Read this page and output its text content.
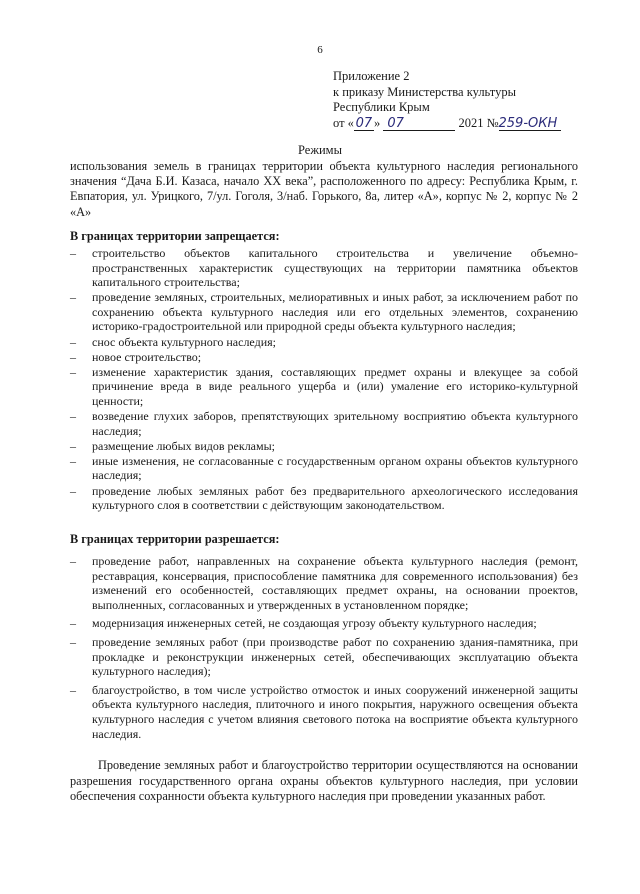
6
Приложение 2
к приказу Министерства культуры
Республики Крым
от « 07 » 07	2021 №259-ОКН
Режимы
использования земель в границах территории объекта культурного наследия регионального значения “Дача Б.И. Казаса, начало XX века”, расположенного по адресу: Республика Крым, г. Евпатория, ул. Урицкого, 7/ул. Гоголя, 3/наб. Горького, 8а, литер «А», корпус № 2, корпус № 2 «А»
В границах территории запрещается:
– строительство объектов капитального строительства и увеличение объемно-пространственных характеристик существующих на территории памятника объектов капитального строительства;
– проведение земляных, строительных, мелиоративных и иных работ, за исключением работ по сохранению объекта культурного наследия или его отдельных элементов, сохранению историко-градостроительной или природной среды объекта культурного наследия;
– снос объекта культурного наследия;
– новое строительство;
– изменение характеристик здания, составляющих предмет охраны и влекущее за собой причинение вреда в виде реального ущерба и (или) умаление его историко-культурной ценности;
– возведение глухих заборов, препятствующих зрительному восприятию объекта культурного наследия;
– размещение любых видов рекламы;
– иные изменения, не согласованные с государственным органом охраны объектов культурного наследия;
– проведение любых земляных работ без предварительного археологического исследования культурного слоя в соответствии с действующим законодательством.
В границах территории разрешается:
– проведение работ, направленных на сохранение объекта культурного наследия (ремонт, реставрация, консервация, приспособление памятника для современного использования) без изменений его особенностей, составляющих предмет охраны, на основании проектов, выполненных, согласованных и утвержденных в установленном порядке;
– модернизация инженерных сетей, не создающая угрозу объекту культурного наследия;
– проведение земляных работ (при производстве работ по сохранению здания-памятника, при прокладке и реконструкции инженерных сетей, обеспечивающих эксплуатацию объекта культурного наследия);
– благоустройство, в том числе устройство отмосток и иных сооружений инженерной защиты объекта культурного наследия, плиточного и иного покрытия, наружного освещения объекта культурного наследия с учетом влияния светового потока на восприятие объекта культурного наследия.
Проведение земляных работ и благоустройство территории осуществляются на основании разрешения государственного органа охраны объектов культурного наследия, при условии обеспечения сохранности объекта культурного наследия при проведении указанных работ.
